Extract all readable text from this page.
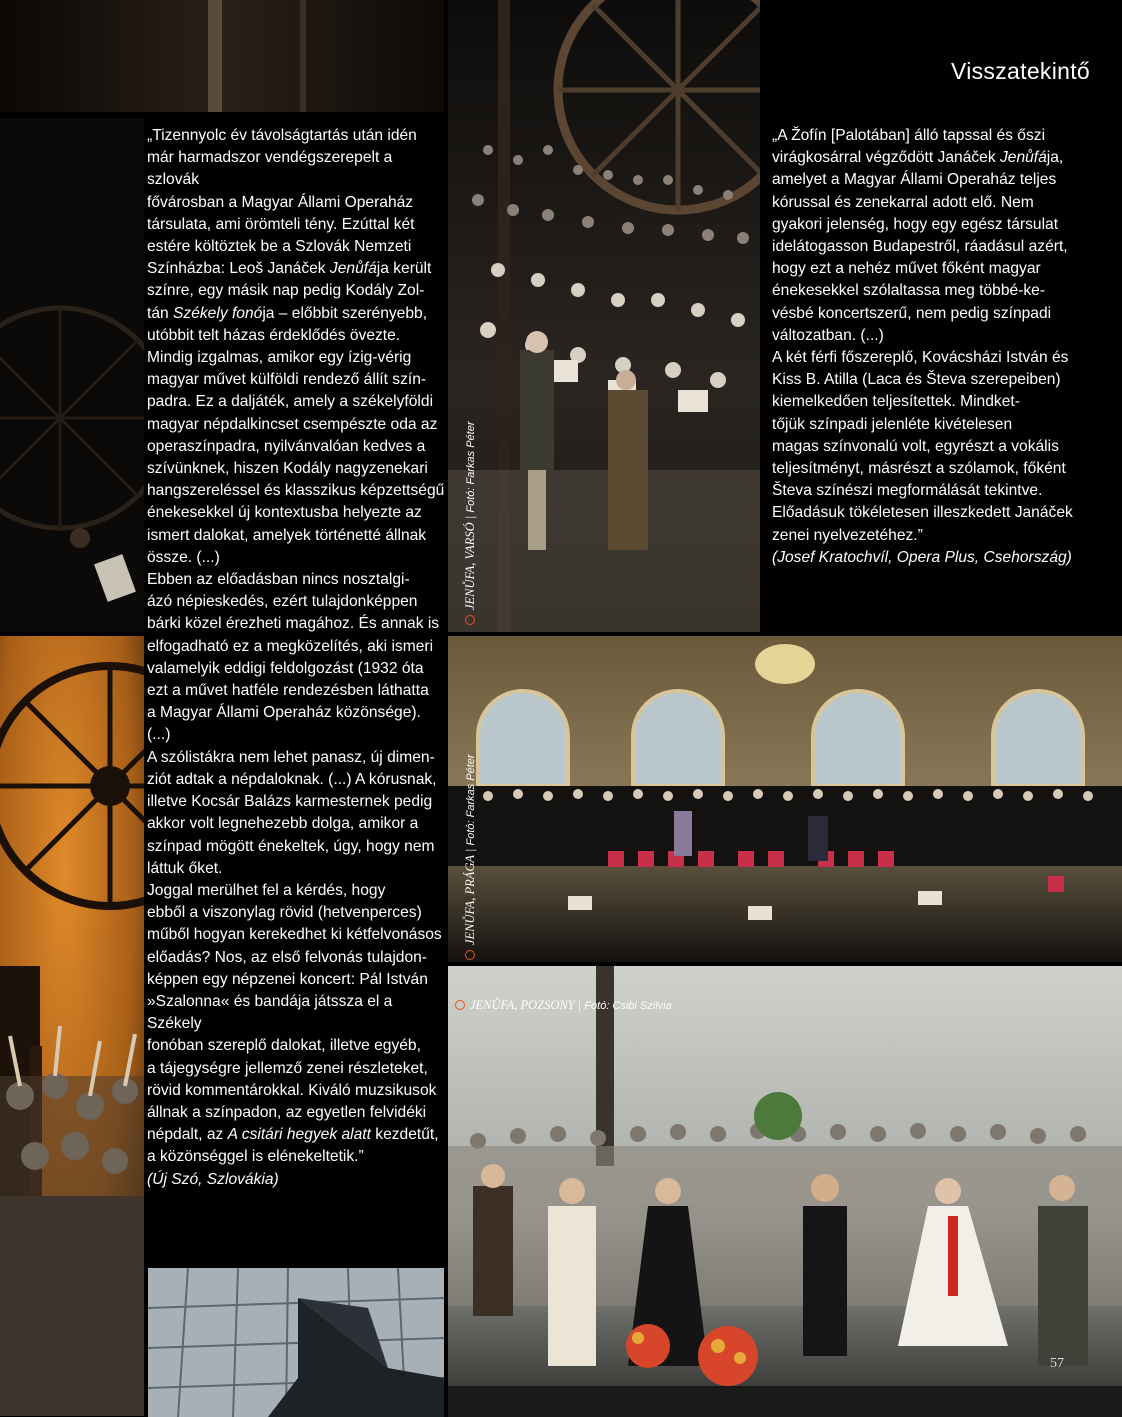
Visszatekintő

„Tizennyolc év távolságtartás után idén

már harmadszor vendégszerepelt a szlovák

fővárosban a Magyar Állami Operaház

társulata, ami örömteli tény. Ezúttal két

estére költöztek be a Szlovák Nemzeti

Színházba: Leoš Janáček Jenůfája került

színre, egy másik nap pedig Kodály Zol-

tán Székely fonója – előbbit szerényebb,

utóbbit telt házas érdeklődés övezte.

Mindig izgalmas, amikor egy ízig-vérig

magyar művet külföldi rendező állít szín-

padra. Ez a daljáték, amely a székelyföldi

magyar népdalkincset csempészte oda az

operaszínpadra, nyilvánvalóan kedves a

szívünknek, hiszen Kodály nagyzenekari

hangszereléssel és klasszikus képzettségű

énekesekkel új kontextusba helyezte az

ismert dalokat, amelyek történetté állnak

össze. (...)

Ebben az előadásban nincs nosztalgi-

ázó népieskedés, ezért tulajdonképpen

bárki közel érezheti magához. És annak is

elfogadható ez a megközelítés, aki ismeri

valamelyik eddigi feldolgozást (1932 óta

ezt a művet hatféle rendezésben láthatta

a Magyar Állami Operaház közönsége). (...)

A szólistákra nem lehet panasz, új dimen-

ziót adtak a népdaloknak. (...) A kórusnak,

illetve Kocsár Balázs karmesternek pedig

akkor volt legnehezebb dolga, amikor a

színpad mögött énekeltek, úgy, hogy nem

láttuk őket.

Joggal merülhet fel a kérdés, hogy

ebből a viszonylag rövid (hetvenperces)

műből hogyan kerekedhet ki kétfelvonásos

előadás? Nos, az első felvonás tulajdon-

képpen egy népzenei koncert: Pál István

»Szalonna« és bandája játssza el a Székely

fonóban szereplő dalokat, illetve egyéb,

a tájegységre jellemző zenei részleteket,

rövid kommentárokkal. Kiváló muzsikusok

állnak a színpadon, az egyetlen felvidéki

népdalt, az A csitári hegyek alatt kezdetűt,

a közönséggel is elénekeltetik.”

(Új Szó, Szlovákia)

„A Žofín [Palotában] álló tapssal és őszi

virágkosárral végződött Janáček Jenůfája,

amelyet a Magyar Állami Operaház teljes

kórussal és zenekarral adott elő. Nem

gyakori jelenség, hogy egy egész társulat

idelátogasson Budapestről, ráadásul azért,

hogy ezt a nehéz művet főként magyar

énekesekkel szólaltassa meg többé-ke-

vésbé koncertszerű, nem pedig színpadi

változatban. (...)

A két férfi főszereplő, Kovácsházi István és

Kiss B. Atilla (Laca és Števa szerepeiben)

kiemelkedően teljesítettek. Mindket-

tőjük színpadi jelenléte kivételesen

magas színvonalú volt, egyrészt a vokális

teljesítményt, másrészt a szólamok, főként

Števa színészi megformálását tekintve.

Előadásuk tökéletesen illeszkedett Janáček

zenei nyelvezetéhez.”

(Josef Kratochvíl, Opera Plus, Csehország)

JENŮFA, VARSÓ | Fotó: Farkas Péter
JENŮFA, PRÁGA | Fotó: Farkas Péter
JENŮFA, POZSONY | Fotó: Csibi Szilvia
57
